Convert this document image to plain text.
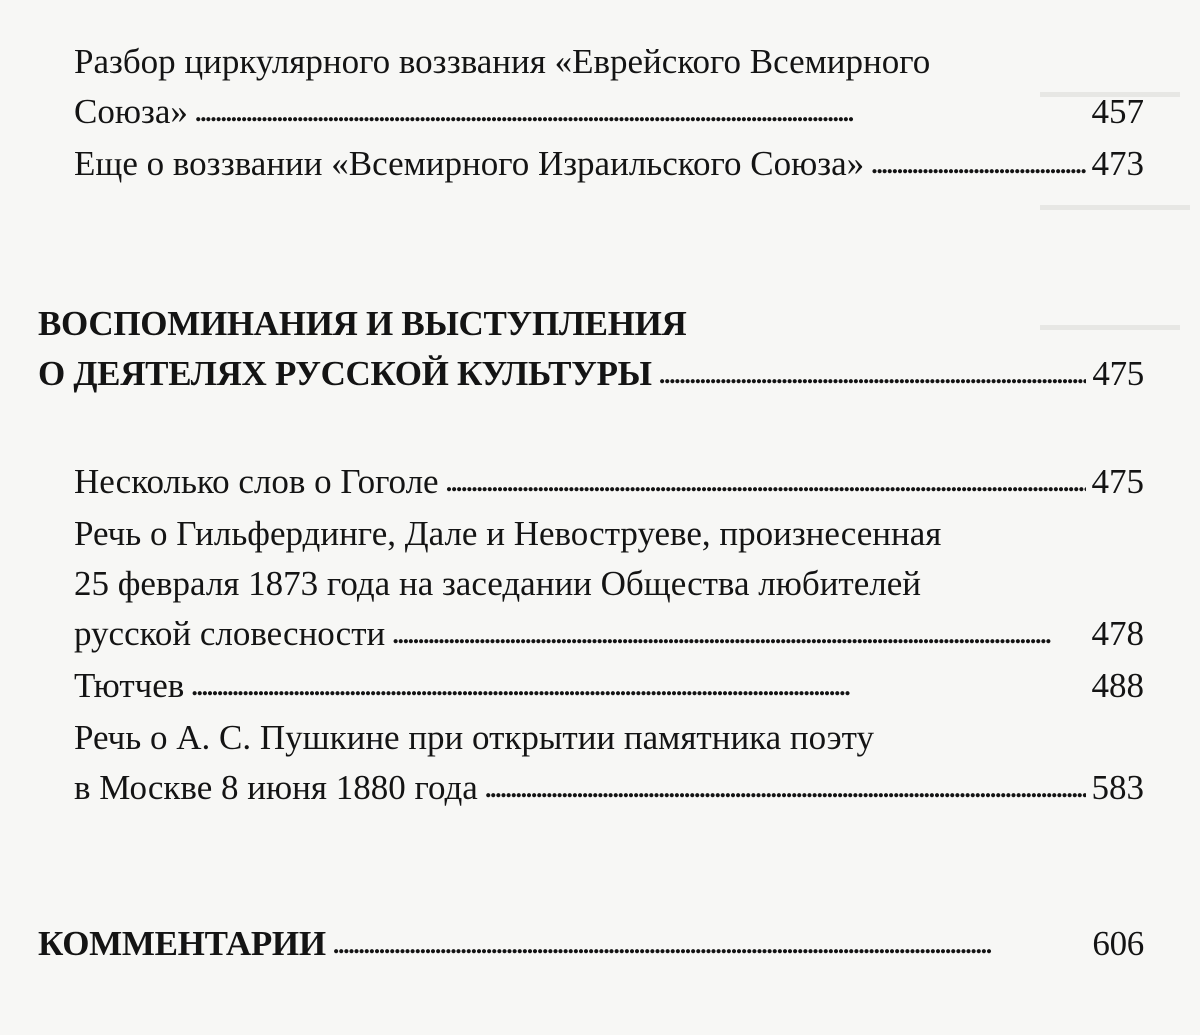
Разбор циркулярного воззвания «Еврейского Всемирного
Союза» . . .	457
Еще о воззвании «Всемирного Израильского Союза» . . .	473
ВОСПОМИНАНИЯ И ВЫСТУПЛЕНИЯ
О ДЕЯТЕЛЯХ РУССКОЙ КУЛЬТУРЫ . . .	475
Несколько слов о Гоголе . . .	475
Речь о Гильфердинге, Дале и Невоструеве, произнесенная
25 февраля 1873 года на заседании Общества любителей
русской словесности . . .	478
Тютчев . . .	488
Речь о А. С. Пушкине при открытии памятника поэту
в Москве 8 июня 1880 года . . .	583
КОММЕНТАРИИ . . .	606
